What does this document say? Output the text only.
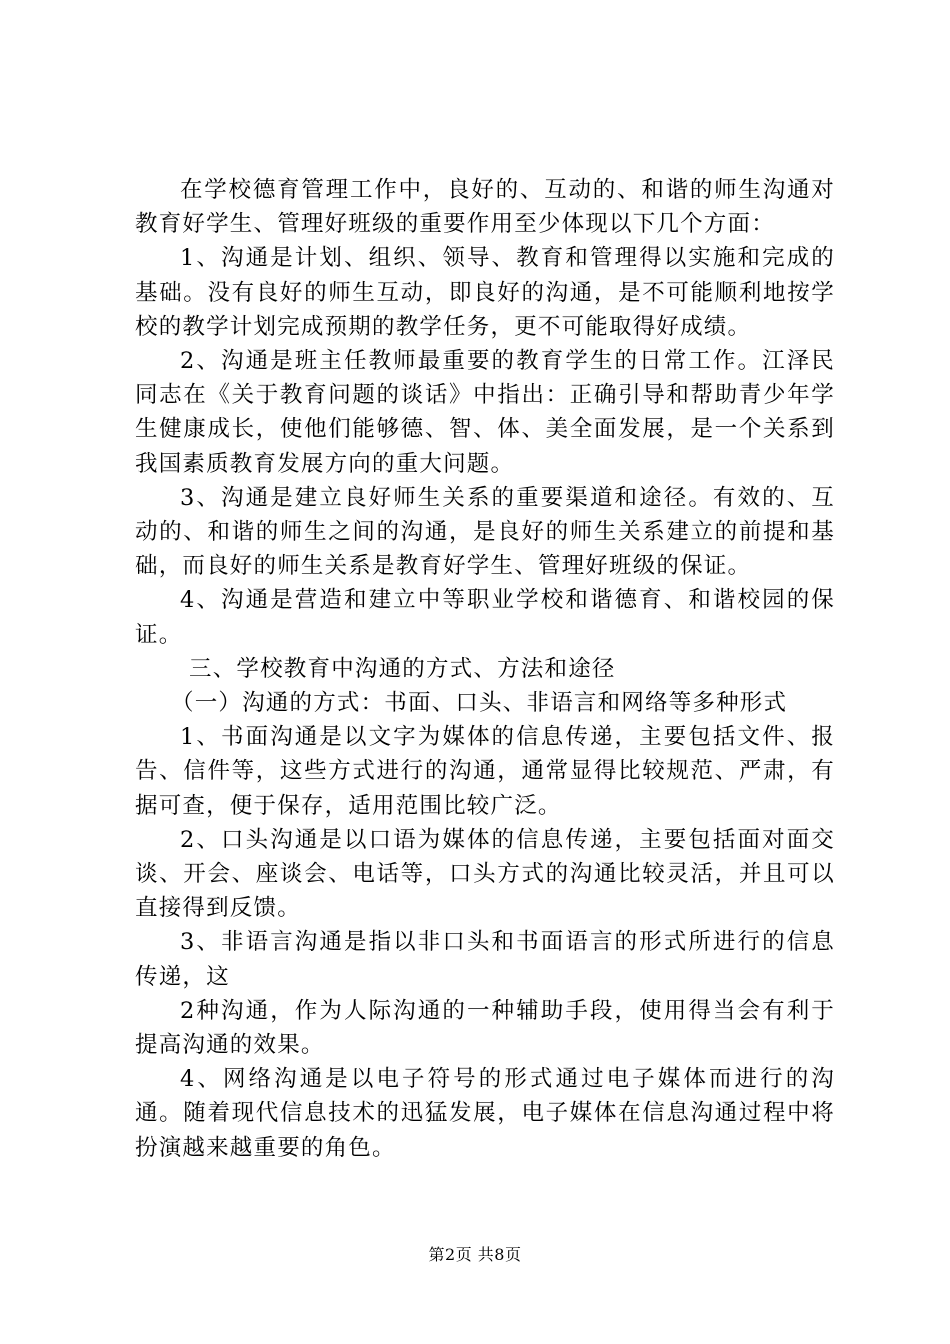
在学校德育管理工作中，良好的、互动的、和谐的师生沟通对教育好学生、管理好班级的重要作用至少体现以下几个方面：

1、沟通是计划、组织、领导、教育和管理得以实施和完成的基础。没有良好的师生互动，即良好的沟通，是不可能顺利地按学校的教学计划完成预期的教学任务，更不可能取得好成绩。

2、沟通是班主任教师最重要的教育学生的日常工作。江泽民同志在《关于教育问题的谈话》中指出：正确引导和帮助青少年学生健康成长，使他们能够德、智、体、美全面发展，是一个关系到我国素质教育发展方向的重大问题。

3、沟通是建立良好师生关系的重要渠道和途径。有效的、互动的、和谐的师生之间的沟通，是良好的师生关系建立的前提和基础，而良好的师生关系是教育好学生、管理好班级的保证。

4、沟通是营造和建立中等职业学校和谐德育、和谐校园的保证。

三、学校教育中沟通的方式、方法和途径

（一）沟通的方式：书面、口头、非语言和网络等多种形式

1、书面沟通是以文字为媒体的信息传递，主要包括文件、报告、信件等，这些方式进行的沟通，通常显得比较规范、严肃，有据可查，便于保存，适用范围比较广泛。

2、口头沟通是以口语为媒体的信息传递，主要包括面对面交谈、开会、座谈会、电话等，口头方式的沟通比较灵活，并且可以直接得到反馈。

3、非语言沟通是指以非口头和书面语言的形式所进行的信息传递，这

2种沟通，作为人际沟通的一种辅助手段，使用得当会有利于提高沟通的效果。

4、网络沟通是以电子符号的形式通过电子媒体而进行的沟通。随着现代信息技术的迅猛发展，电子媒体在信息沟通过程中将扮演越来越重要的角色。

第2页 共8页
